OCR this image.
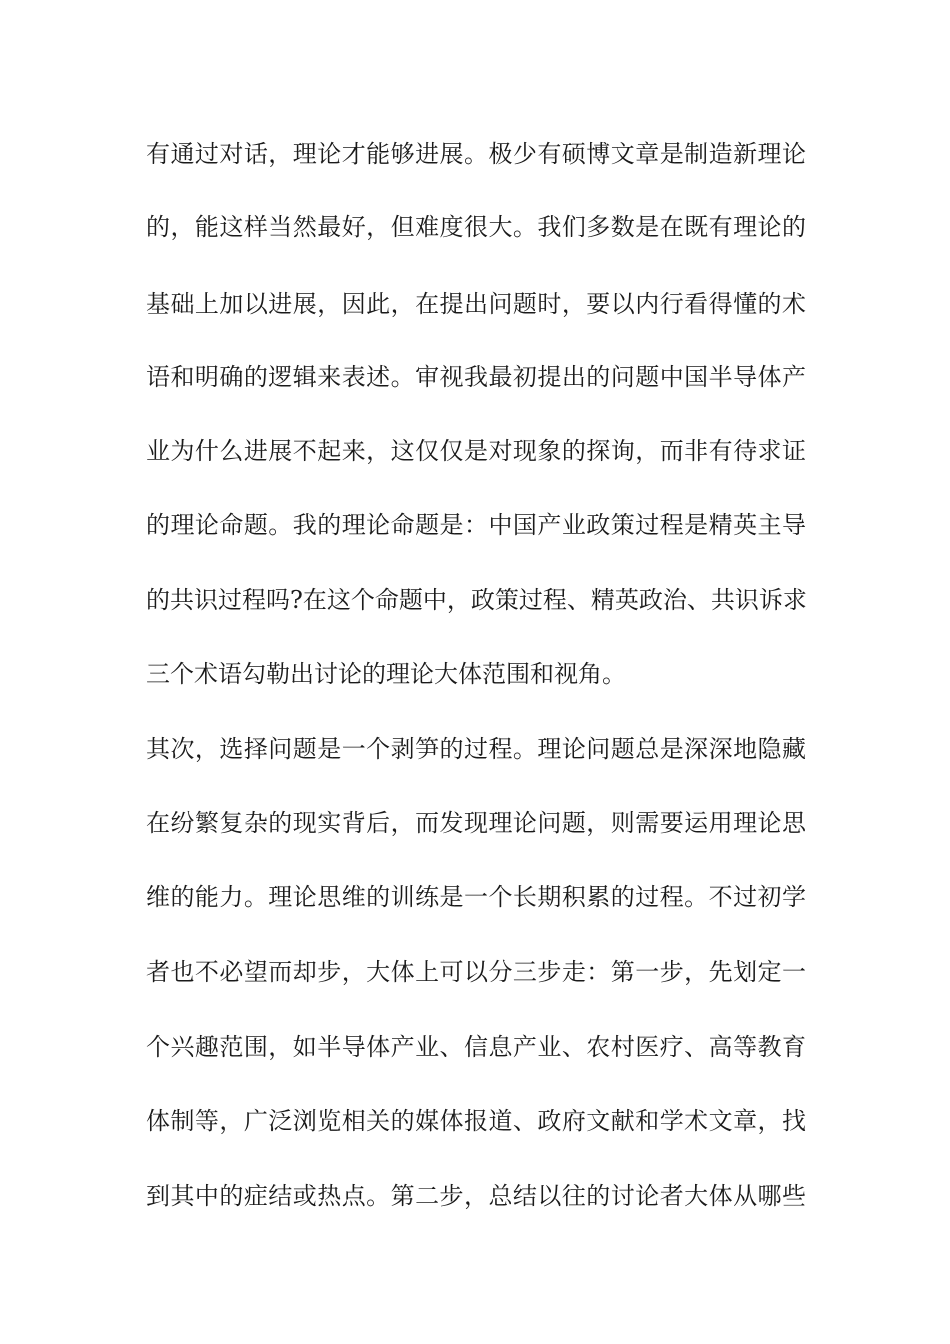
有通过对话，理论才能够进展。极少有硕博文章是制造新理论
的，能这样当然最好，但难度很大。我们多数是在既有理论的
基础上加以进展，因此，在提出问题时，要以内行看得懂的术
语和明确的逻辑来表述。审视我最初提出的问题中国半导体产
业为什么进展不起来，这仅仅是对现象的探询，而非有待求证
的理论命题。我的理论命题是：中国产业政策过程是精英主导
的共识过程吗?在这个命题中，政策过程、精英政治、共识诉求
三个术语勾勒出讨论的理论大体范围和视角。
其次，选择问题是一个剥笋的过程。理论问题总是深深地隐藏
在纷繁复杂的现实背后，而发现理论问题，则需要运用理论思
维的能力。理论思维的训练是一个长期积累的过程。不过初学
者也不必望而却步，大体上可以分三步走：第一步，先划定一
个兴趣范围，如半导体产业、信息产业、农村医疗、高等教育
体制等，广泛浏览相关的媒体报道、政府文献和学术文章，找
到其中的症结或热点。第二步，总结以往的讨论者大体从哪些
